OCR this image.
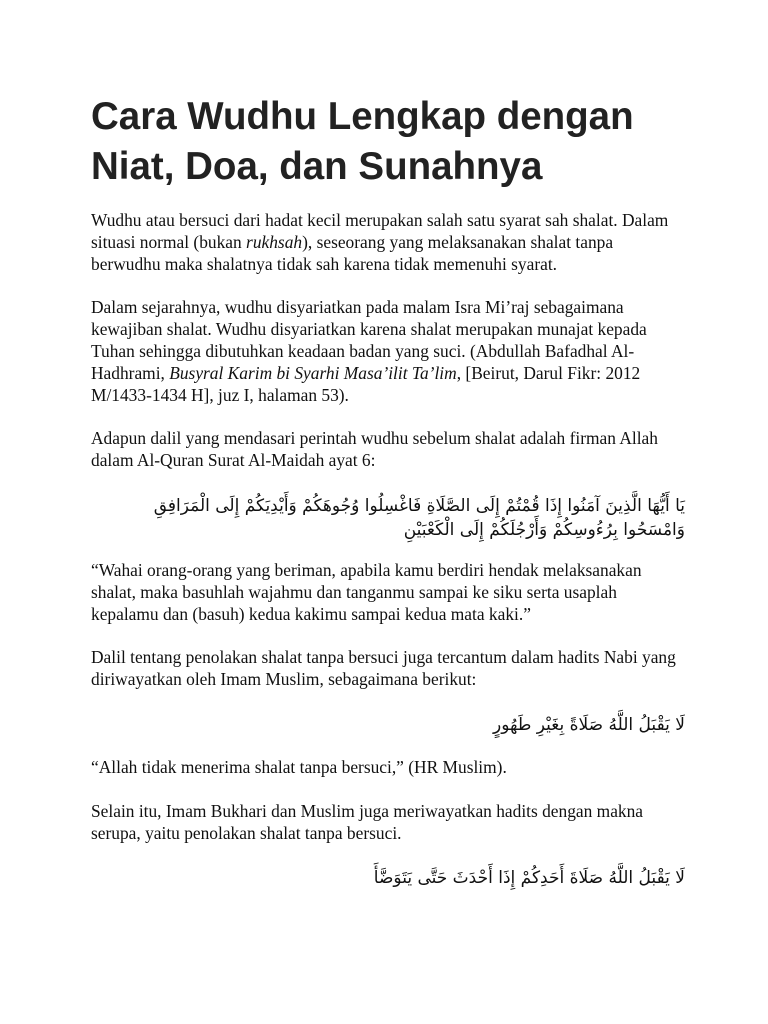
Cara Wudhu Lengkap dengan Niat, Doa, dan Sunahnya

Wudhu atau bersuci dari hadat kecil merupakan salah satu syarat sah shalat. Dalam situasi normal (bukan rukhsah), seseorang yang melaksanakan shalat tanpa berwudhu maka shalatnya tidak sah karena tidak memenuhi syarat.

Dalam sejarahnya, wudhu disyariatkan pada malam Isra Mi’raj sebagaimana kewajiban shalat. Wudhu disyariatkan karena shalat merupakan munajat kepada Tuhan sehingga dibutuhkan keadaan badan yang suci. (Abdullah Bafadhal Al-Hadhrami, Busyral Karim bi Syarhi Masa’ilit Ta’lim, [Beirut, Darul Fikr: 2012 M/1433-1434 H], juz I, halaman 53).

Adapun dalil yang mendasari perintah wudhu sebelum shalat adalah firman Allah dalam Al-Quran Surat Al-Maidah ayat 6:

يَا أَيُّهَا الَّذِينَ آمَنُوا إِذَا قُمْتُمْ إِلَى الصَّلَاةِ فَاغْسِلُوا وُجُوهَكُمْ وَأَيْدِيَكُمْ إِلَى الْمَرَافِقِ
وَامْسَحُوا بِرُءُوسِكُمْ وَأَرْجُلَكُمْ إِلَى الْكَعْبَيْنِ

“Wahai orang-orang yang beriman, apabila kamu berdiri hendak melaksanakan shalat, maka basuhlah wajahmu dan tanganmu sampai ke siku serta usaplah kepalamu dan (basuh) kedua kakimu sampai kedua mata kaki.”

Dalil tentang penolakan shalat tanpa bersuci juga tercantum dalam hadits Nabi yang diriwayatkan oleh Imam Muslim, sebagaimana berikut:

لَا يَقْبَلُ اللَّهُ صَلَاةً بِغَيْرِ طَهُورٍ

“Allah tidak menerima shalat tanpa bersuci,” (HR Muslim).

Selain itu, Imam Bukhari dan Muslim juga meriwayatkan hadits dengan makna serupa, yaitu penolakan shalat tanpa bersuci.

لَا يَقْبَلُ اللَّهُ صَلَاةَ أَحَدِكُمْ إِذَا أَحْدَثَ حَتَّى يَتَوَضَّأَ
